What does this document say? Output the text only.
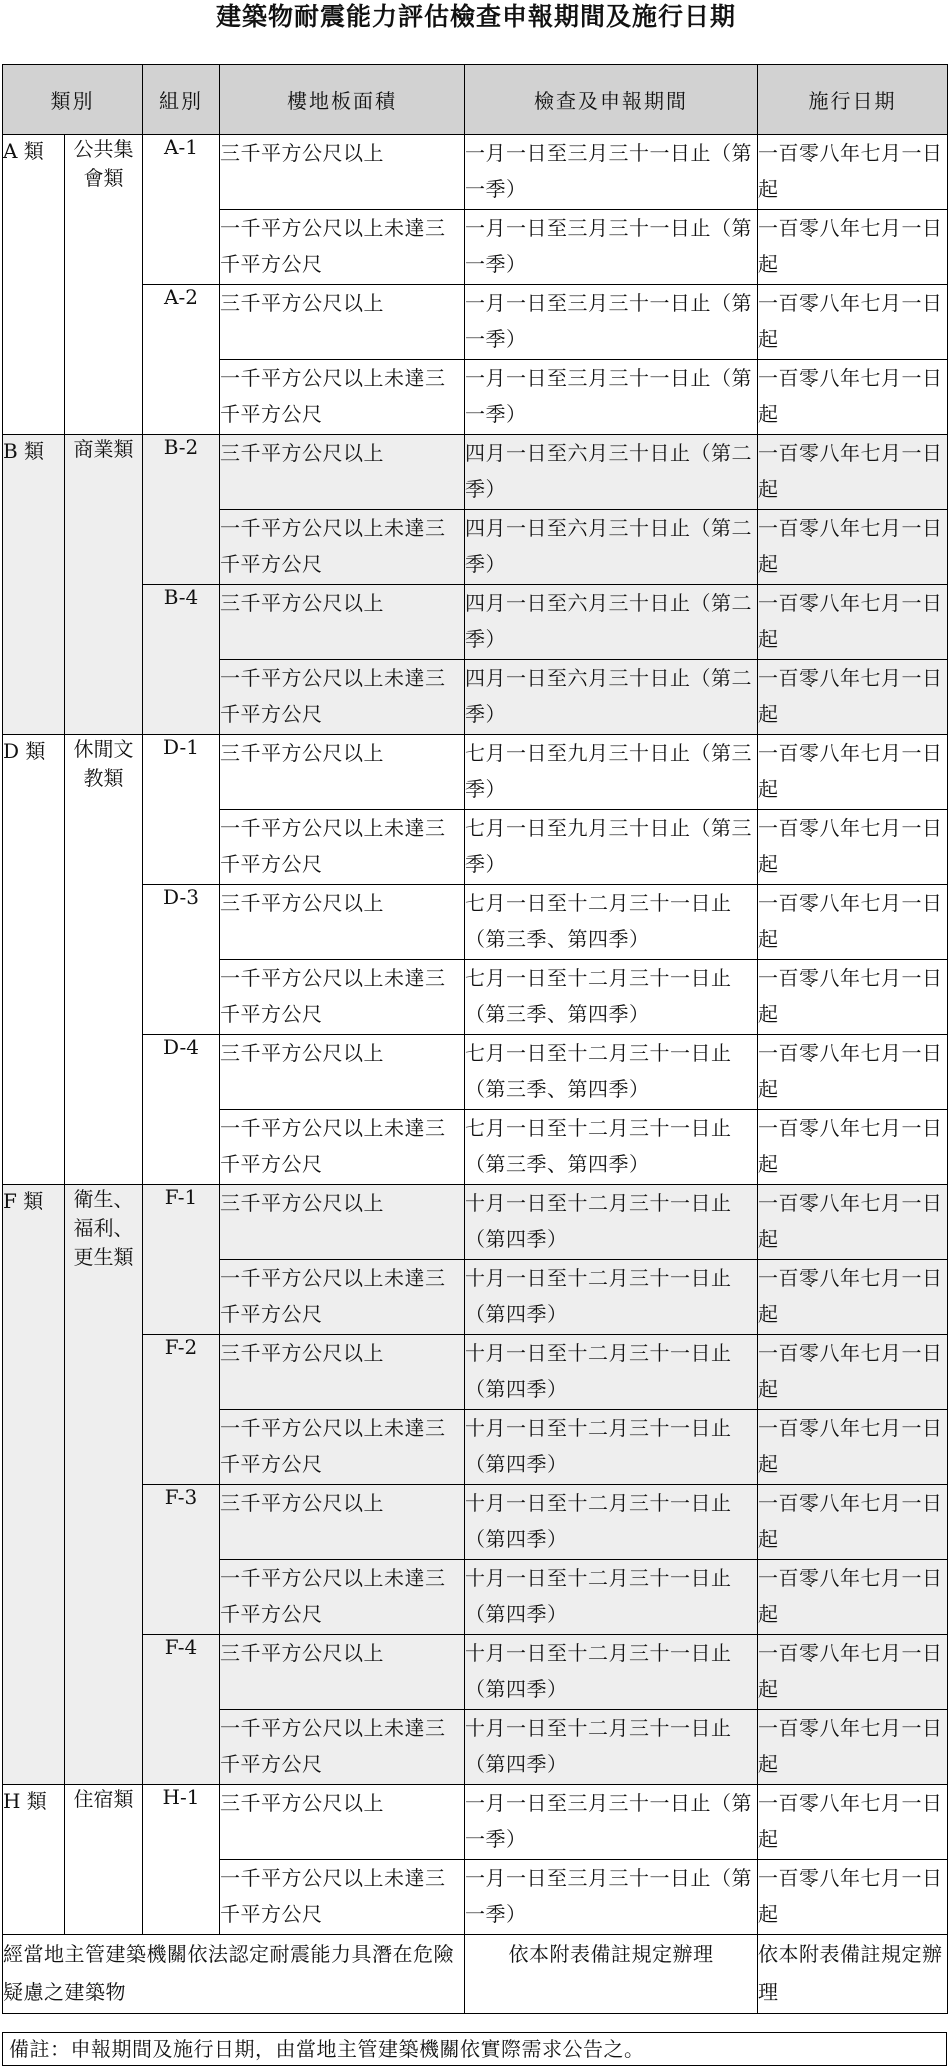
建築物耐震能力評估檢查申報期間及施行日期
類別		組別	樓地板面積	檢查及申報期間	施行日期
A 類	公共集會類	A-1	三千平方公尺以上	一月一日至三月三十一日止（第一季）	一百零八年七月一日起
			一千平方公尺以上未達三千平方公尺	一月一日至三月三十一日止（第一季）	一百零八年七月一日起
		A-2	三千平方公尺以上	一月一日至三月三十一日止（第一季）	一百零八年七月一日起
			一千平方公尺以上未達三千平方公尺	一月一日至三月三十一日止（第一季）	一百零八年七月一日起
B 類	商業類	B-2	三千平方公尺以上	四月一日至六月三十日止（第二季）	一百零八年七月一日起
			一千平方公尺以上未達三千平方公尺	四月一日至六月三十日止（第二季）	一百零八年七月一日起
		B-4	三千平方公尺以上	四月一日至六月三十日止（第二季）	一百零八年七月一日起
			一千平方公尺以上未達三千平方公尺	四月一日至六月三十日止（第二季）	一百零八年七月一日起
D 類	休閒文教類	D-1	三千平方公尺以上	七月一日至九月三十日止（第三季）	一百零八年七月一日起
			一千平方公尺以上未達三千平方公尺	七月一日至九月三十日止（第三季）	一百零八年七月一日起
		D-3	三千平方公尺以上	七月一日至十二月三十一日止（第三季、第四季）	一百零八年七月一日起
			一千平方公尺以上未達三千平方公尺	七月一日至十二月三十一日止（第三季、第四季）	一百零八年七月一日起
		D-4	三千平方公尺以上	七月一日至十二月三十一日止（第三季、第四季）	一百零八年七月一日起
			一千平方公尺以上未達三千平方公尺	七月一日至十二月三十一日止（第三季、第四季）	一百零八年七月一日起
F 類	衛生、福利、更生類	F-1	三千平方公尺以上	十月一日至十二月三十一日止（第四季）	一百零八年七月一日起
			一千平方公尺以上未達三千平方公尺	十月一日至十二月三十一日止（第四季）	一百零八年七月一日起
		F-2	三千平方公尺以上	十月一日至十二月三十一日止（第四季）	一百零八年七月一日起
			一千平方公尺以上未達三千平方公尺	十月一日至十二月三十一日止（第四季）	一百零八年七月一日起
		F-3	三千平方公尺以上	十月一日至十二月三十一日止（第四季）	一百零八年七月一日起
			一千平方公尺以上未達三千平方公尺	十月一日至十二月三十一日止（第四季）	一百零八年七月一日起
		F-4	三千平方公尺以上	十月一日至十二月三十一日止（第四季）	一百零八年七月一日起
			一千平方公尺以上未達三千平方公尺	十月一日至十二月三十一日止（第四季）	一百零八年七月一日起
H 類	住宿類	H-1	三千平方公尺以上	一月一日至三月三十一日止（第一季）	一百零八年七月一日起
			一千平方公尺以上未達三千平方公尺	一月一日至三月三十一日止（第一季）	一百零八年七月一日起
經當地主管建築機關依法認定耐震能力具潛在危險疑慮之建築物				依本附表備註規定辦理	依本附表備註規定辦理
備註：申報期間及施行日期，由當地主管建築機關依實際需求公告之。
